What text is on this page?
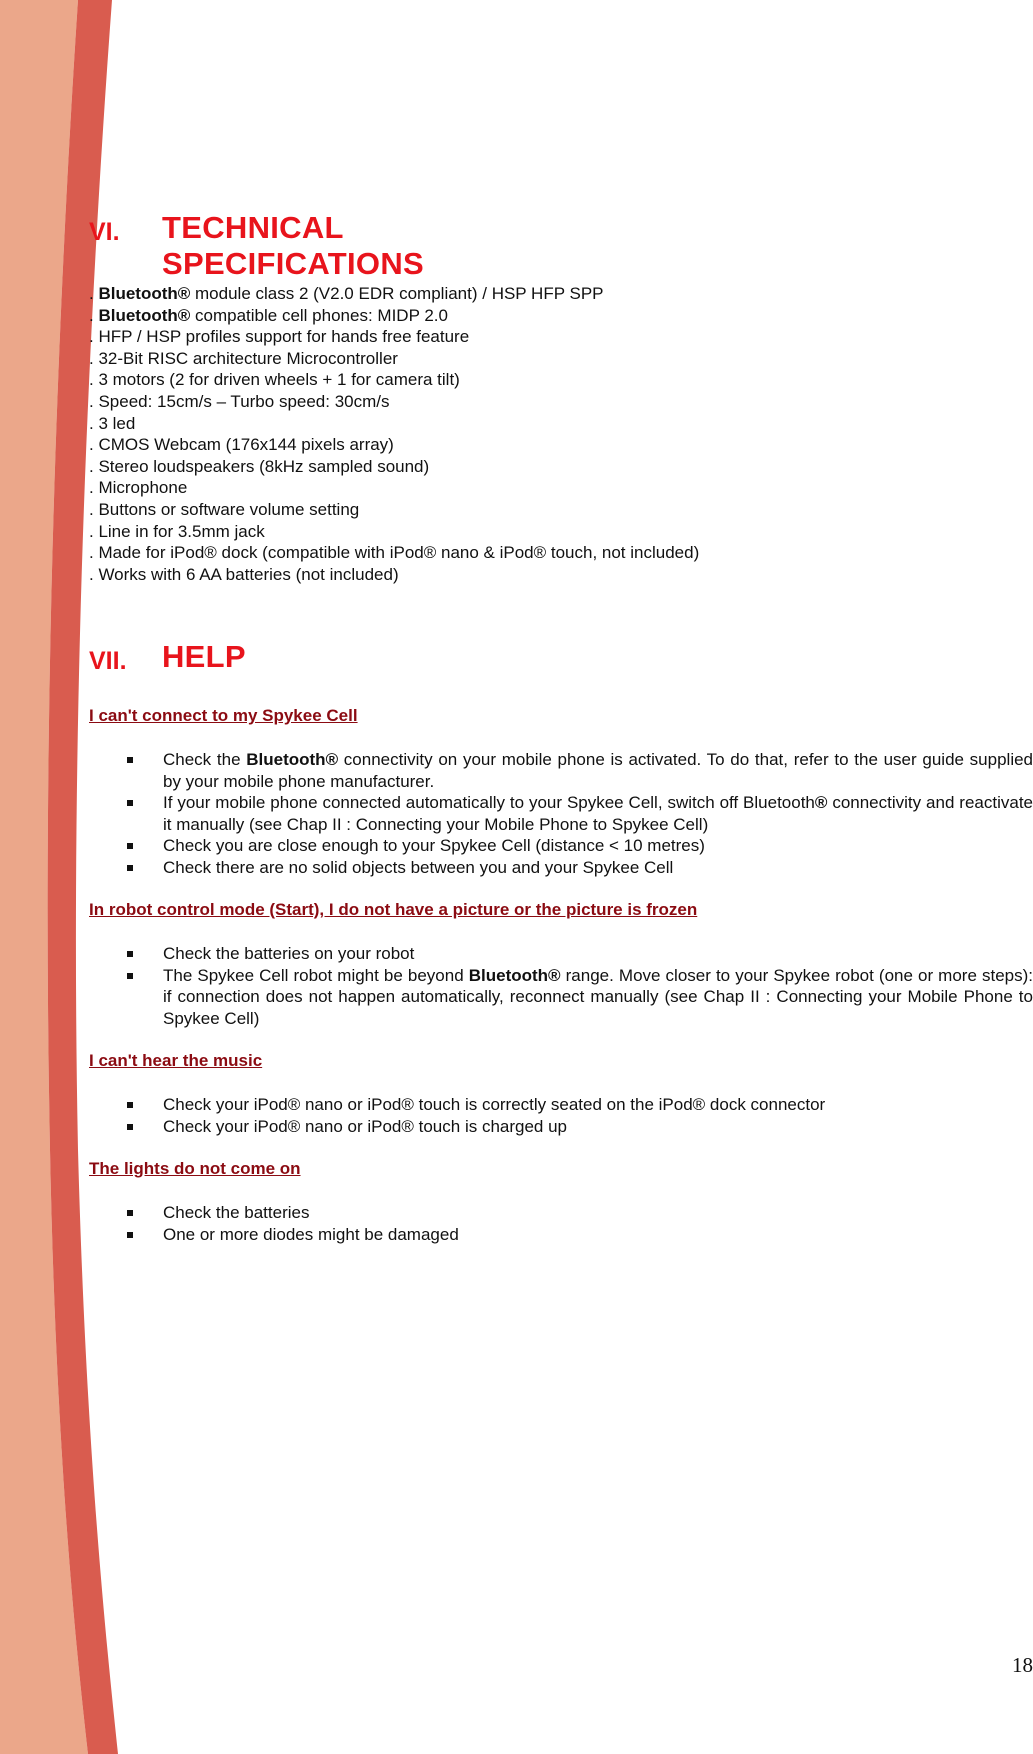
VI. TECHNICAL SPECIFICATIONS
. Bluetooth® module class 2 (V2.0 EDR compliant) / HSP HFP SPP
. Bluetooth® compatible cell phones: MIDP 2.0
. HFP / HSP profiles support for hands free feature
. 32-Bit RISC architecture Microcontroller
. 3 motors (2 for driven wheels + 1 for camera tilt)
. Speed: 15cm/s – Turbo speed: 30cm/s
. 3 led
. CMOS Webcam (176x144 pixels array)
. Stereo loudspeakers (8kHz sampled sound)
. Microphone
. Buttons or software volume setting
. Line in for 3.5mm jack
. Made for iPod® dock (compatible with iPod® nano & iPod® touch, not included)
. Works with 6 AA batteries (not included)
VII. HELP
I can't connect to my Spykee Cell
Check the Bluetooth® connectivity on your mobile phone is activated. To do that, refer to the user guide supplied by your mobile phone manufacturer.
If your mobile phone connected automatically to your Spykee Cell, switch off Bluetooth® connectivity and reactivate it manually (see Chap II : Connecting your Mobile Phone to Spykee Cell)
Check you are close enough to your Spykee Cell (distance < 10 metres)
Check there are no solid objects between you and your Spykee Cell
In robot control mode (Start), I do not have a picture or the picture is frozen
Check the batteries on your robot
The Spykee Cell robot might be beyond Bluetooth® range. Move closer to your Spykee robot (one or more steps): if connection does not happen automatically, reconnect manually (see Chap II : Connecting your Mobile Phone to Spykee Cell)
I can't hear the music
Check your iPod® nano or iPod® touch is correctly seated on the iPod® dock connector
Check your iPod® nano or iPod® touch is charged up
The lights do not come on
Check the batteries
One or more diodes might be damaged
18
